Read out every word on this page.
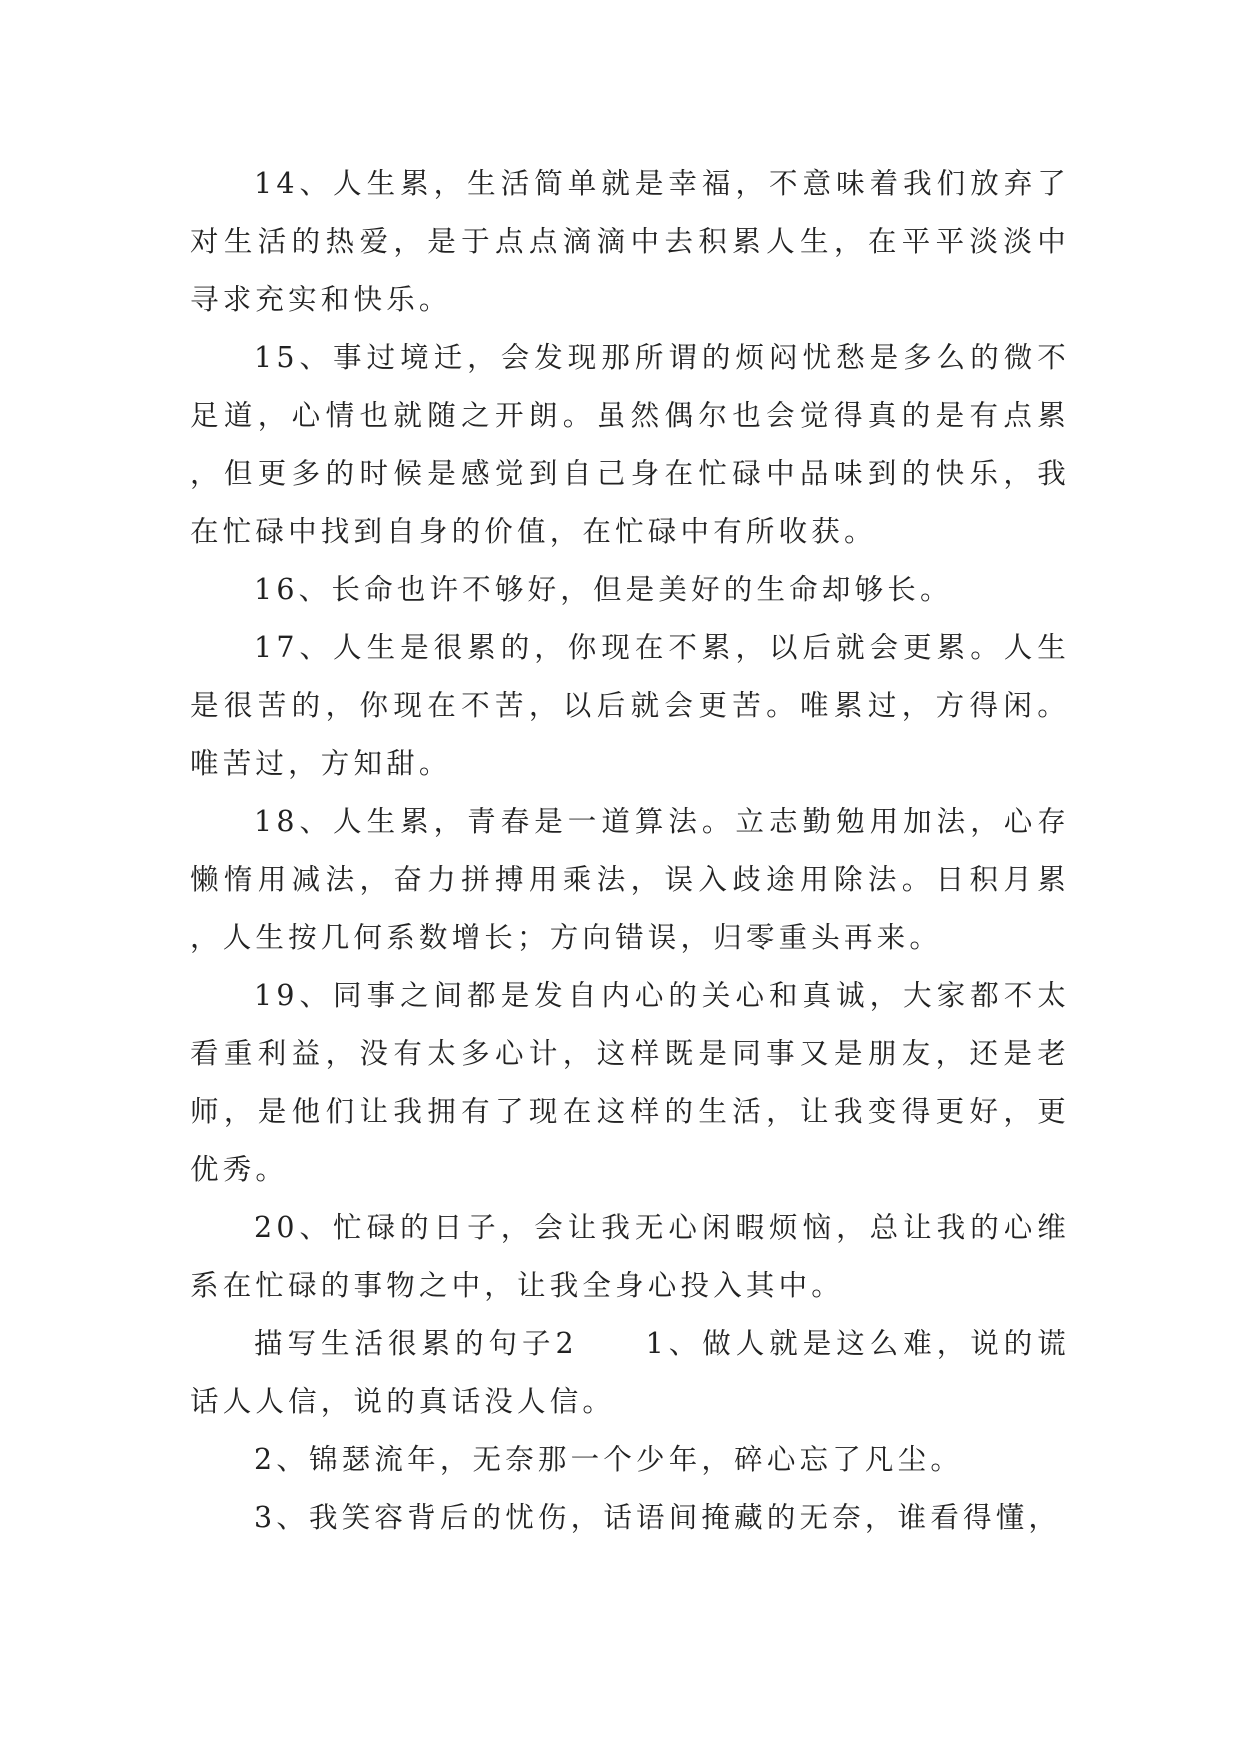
14、人生累，生活简单就是幸福，不意味着我们放弃了对生活的热爱，是于点点滴滴中去积累人生，在平平淡淡中寻求充实和快乐。

15、事过境迁，会发现那所谓的烦闷忧愁是多么的微不足道，心情也就随之开朗。虽然偶尔也会觉得真的是有点累，但更多的时候是感觉到自己身在忙碌中品味到的快乐，我在忙碌中找到自身的价值，在忙碌中有所收获。

16、长命也许不够好，但是美好的生命却够长。

17、人生是很累的，你现在不累，以后就会更累。人生是很苦的，你现在不苦，以后就会更苦。唯累过，方得闲。唯苦过，方知甜。

18、人生累，青春是一道算法。立志勤勉用加法，心存懒惰用减法，奋力拼搏用乘法，误入歧途用除法。日积月累，人生按几何系数增长；方向错误，归零重头再来。

19、同事之间都是发自内心的关心和真诚，大家都不太看重利益，没有太多心计，这样既是同事又是朋友，还是老师，是他们让我拥有了现在这样的生活，让我变得更好，更优秀。

20、忙碌的日子，会让我无心闲暇烦恼，总让我的心维系在忙碌的事物之中，让我全身心投入其中。

描写生活很累的句子2　　1、做人就是这么难，说的谎话人人信，说的真话没人信。

2、锦瑟流年，无奈那一个少年，碎心忘了凡尘。

3、我笑容背后的忧伤，话语间掩藏的无奈，谁看得懂，
